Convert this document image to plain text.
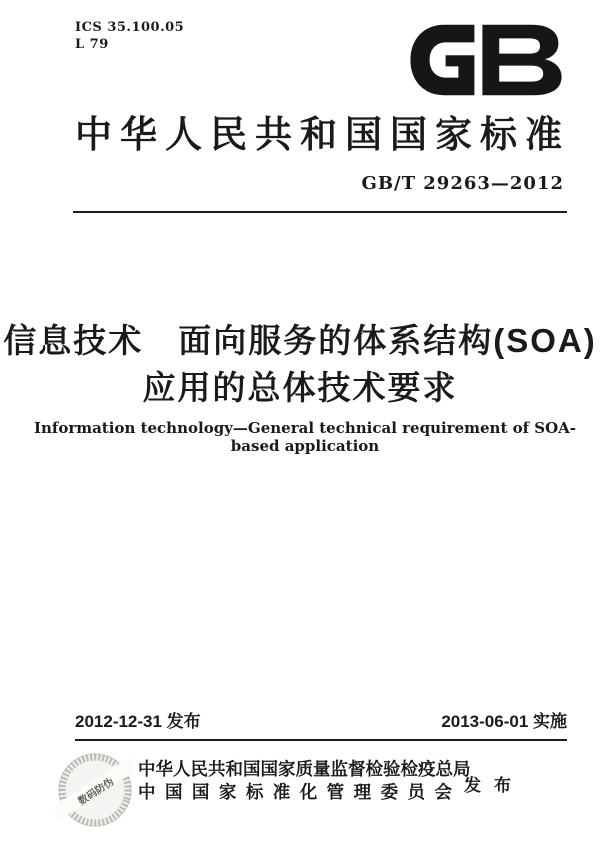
ICS 35.100.05
L 79
中华人民共和国国家标准
GB/T 29263—2012
信息技术　面向服务的体系结构(SOA)
应用的总体技术要求
Information technology—General technical requirement of SOA-based application
2012-12-31 发布	2013-06-01 实施
数码防伪
中华人民共和国国家质量监督检验检疫总局
中国国家标准化管理委员会 发布
